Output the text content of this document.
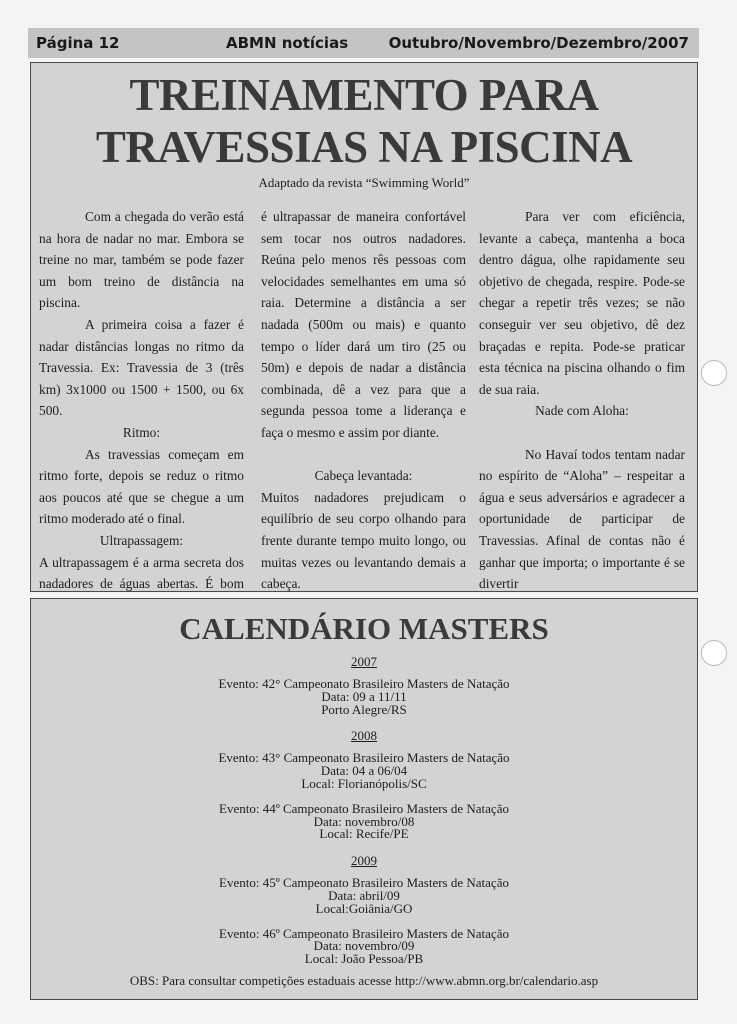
Página 12	ABMN notícias	Outubro/Novembro/Dezembro/2007
TREINAMENTO PARA
TRAVESSIAS NA PISCINA
Adaptado da revista “Swimming World”

Com a chegada do verão está na hora de nadar no mar. Embora se treine no mar, também se pode fazer um bom treino de distância na piscina.

A primeira coisa a fazer é nadar distâncias longas no ritmo da Travessia. Ex: Travessia de 3 (três km) 3x1000 ou 1500 + 1500, ou 6x 500.

Ritmo:

As travessias começam em ritmo forte, depois se reduz o ritmo aos poucos até que se chegue a um ritmo moderado até o final.

Ultrapassagem:

A ultrapassagem é a arma secreta dos nadadores de águas abertas. É bom

é ultrapassar de maneira confortável sem tocar nos outros nadadores. Reúna pelo menos rês pessoas com velocidades semelhantes em uma só raia. Determine a distância a ser nadada (500m ou mais) e quanto tempo o líder dará um tiro (25 ou 50m) e depois de nadar a distância combinada, dê a vez para que a segunda pessoa tome a liderança e faça o mesmo e assim por diante.

Cabeça levantada:

Muitos nadadores prejudicam o equilíbrio de seu corpo olhando para frente durante tempo muito longo, ou muitas vezes ou levantando demais a cabeça.

Para ver com eficiência, levante a cabeça, mantenha a boca dentro dágua, olhe rapidamente seu objetivo de chegada, respire. Pode-se chegar a repetir três vezes; se não conseguir ver seu objetivo, dê dez braçadas e repita. Pode-se praticar esta técnica na piscina olhando o fim de sua raia.

Nade com Aloha:

No Havaí todos tentam nadar no espírito de “Aloha” – respeitar a água e seus adversários e agradecer a oportunidade de participar de Travessias. Afinal de contas não é ganhar que importa; o importante é se divertir

CALENDÁRIO MASTERS
2007
Evento: 42° Campeonato Brasileiro Masters de Natação
Data: 09 a 11/11
Porto Alegre/RS
2008
Evento: 43° Campeonato Brasileiro Masters de Natação
Data: 04 a 06/04
Local: Florianópolis/SC
Evento: 44º Campeonato Brasileiro Masters de Natação
Data: novembro/08
Local: Recife/PE
2009
Evento: 45º Campeonato Brasileiro Masters de Natação
Data: abril/09
Local:Goiânia/GO
Evento: 46º Campeonato Brasileiro Masters de Natação
Data: novembro/09
Local: João Pessoa/PB
OBS: Para consultar competições estaduais acesse http://www.abmn.org.br/calendario.asp
